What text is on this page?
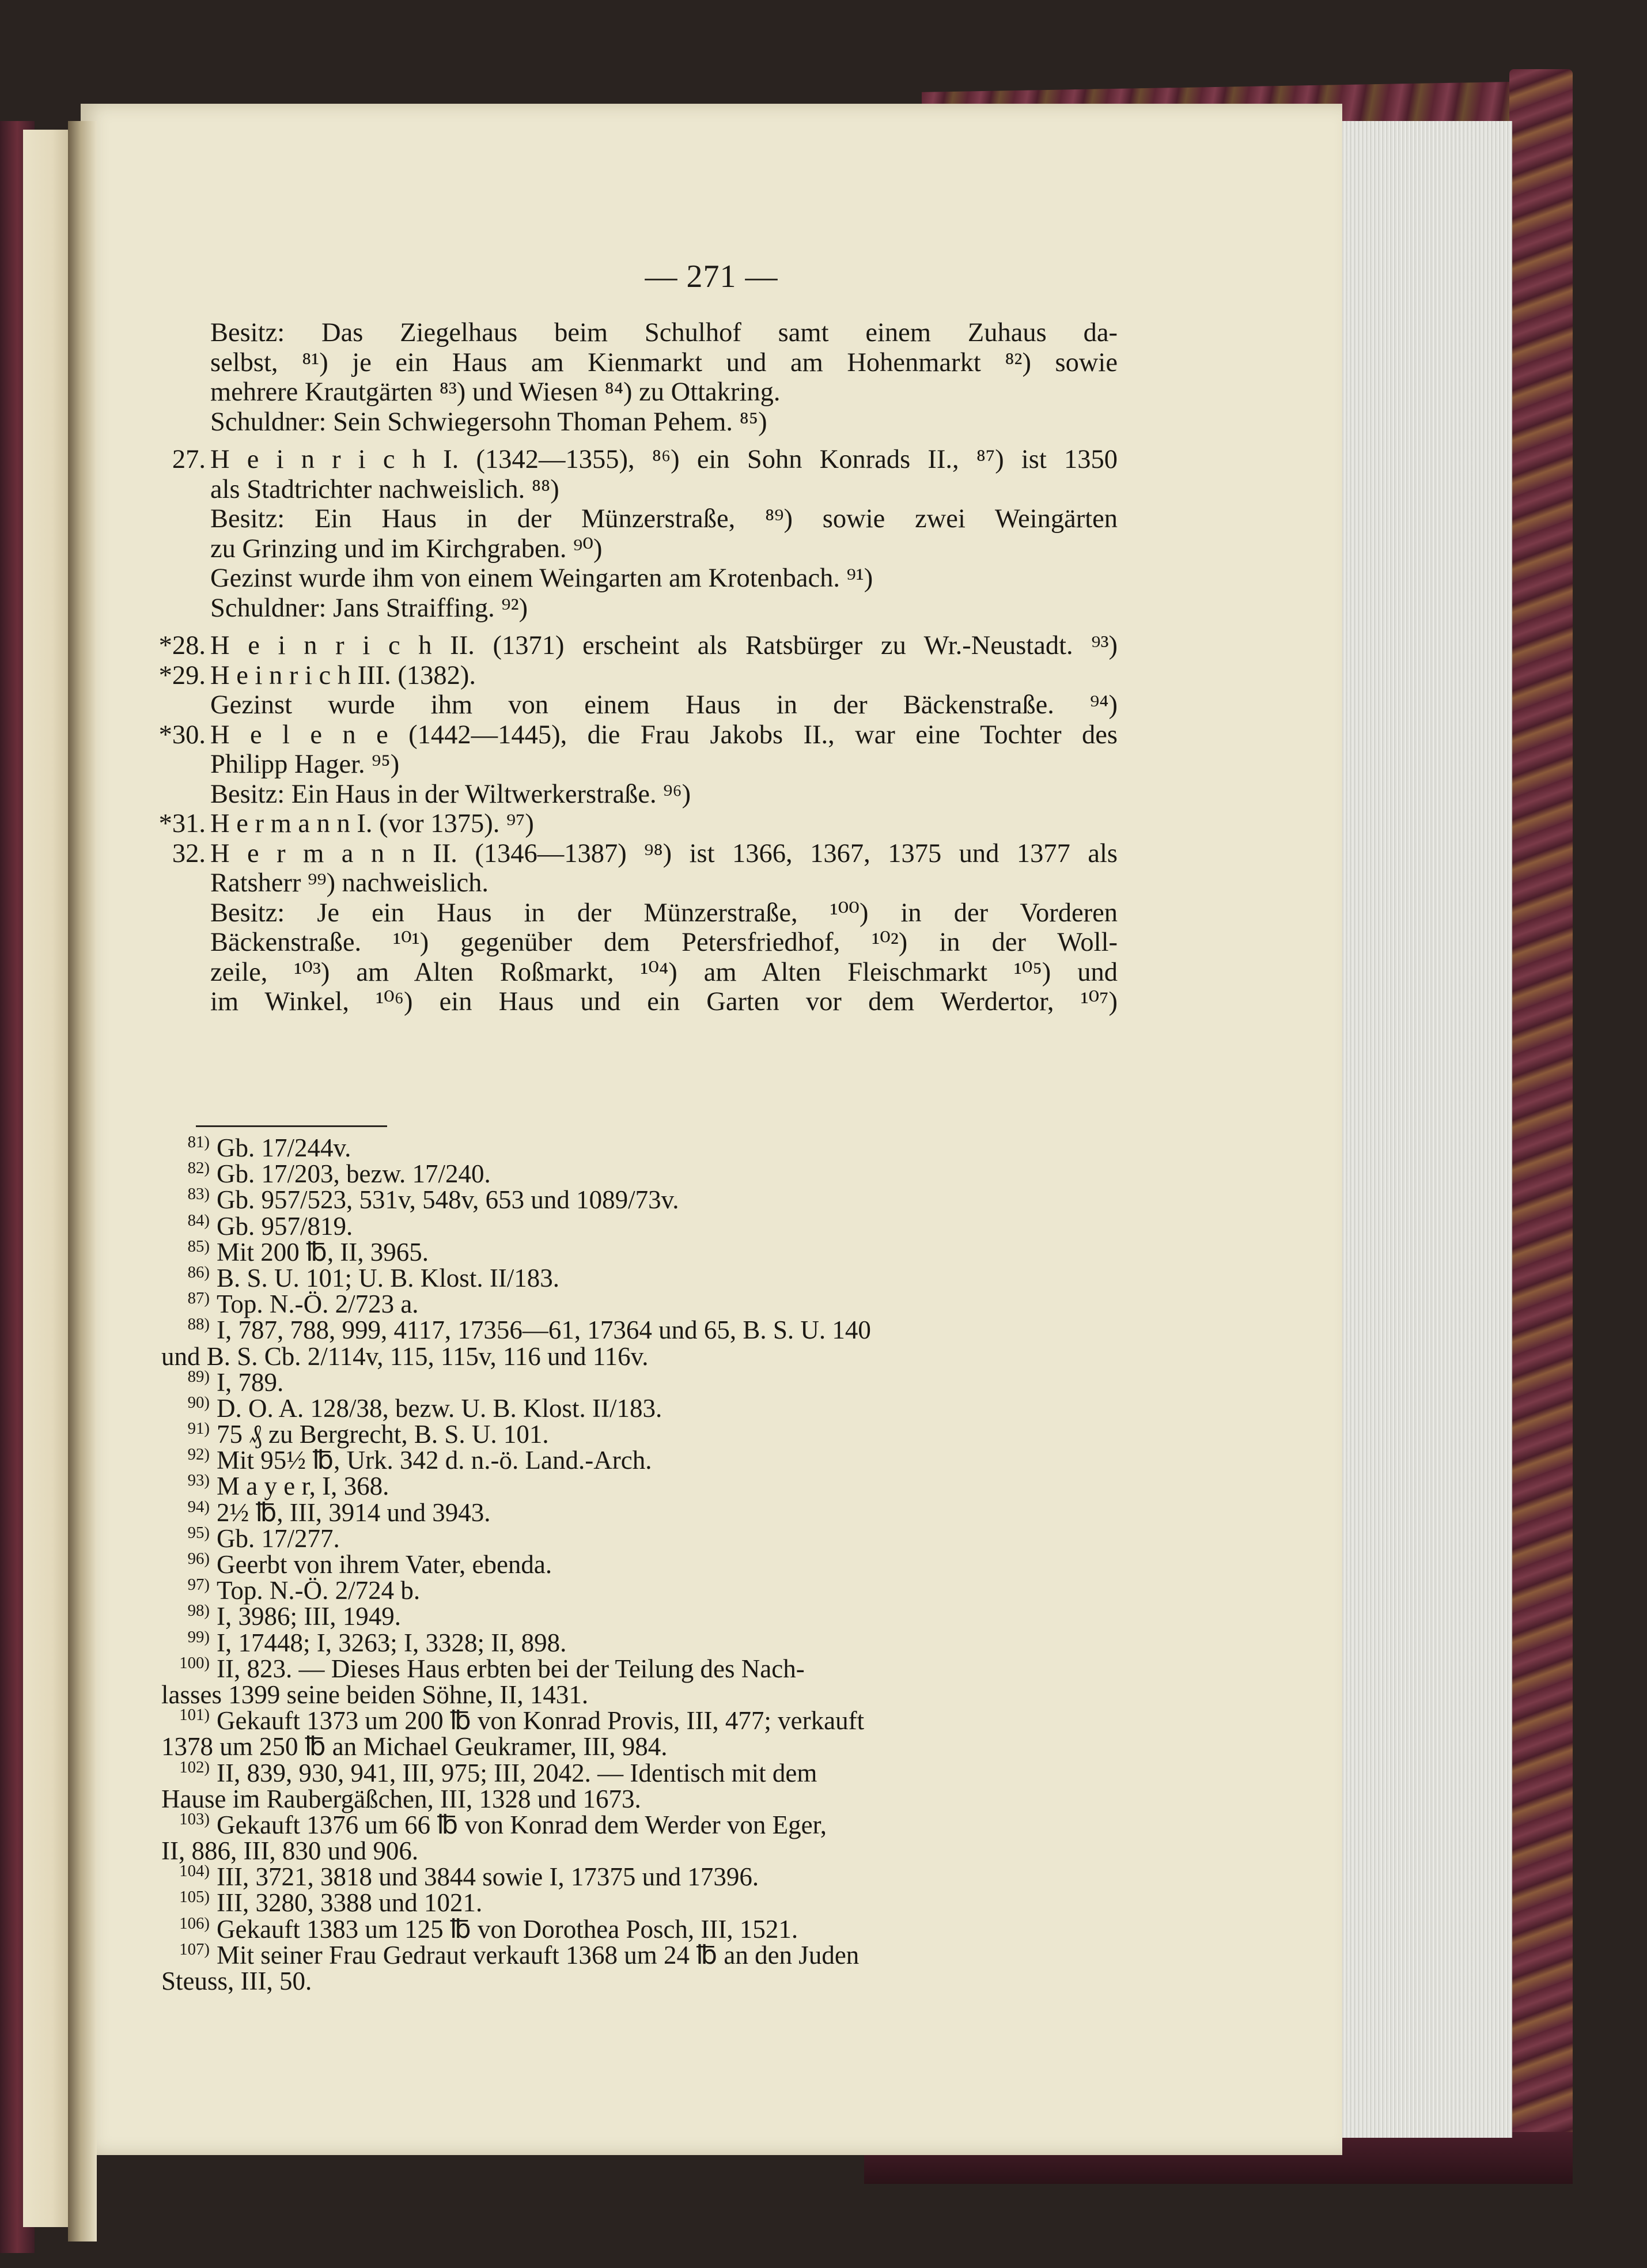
— 271 —
Besitz: Das Ziegelhaus beim Schulhof samt einem Zuhaus da-
selbst, ⁸¹) je ein Haus am Kienmarkt und am Hohenmarkt ⁸²) sowie
mehrere Krautgärten ⁸³) und Wiesen ⁸⁴) zu Ottakring.
Schuldner: Sein Schwiegersohn Thoman Pehem. ⁸⁵)
27. H e i n r i c h I. (1342—1355), ⁸⁶) ein Sohn Konrads II., ⁸⁷) ist 1350
als Stadtrichter nachweislich. ⁸⁸)
Besitz: Ein Haus in der Münzerstraße, ⁸⁹) sowie zwei Weingärten
zu Grinzing und im Kirchgraben. ⁹⁰)
Gezinst wurde ihm von einem Weingarten am Krotenbach. ⁹¹)
Schuldner: Jans Straiffing. ⁹²)
*28. H e i n r i c h II. (1371) erscheint als Ratsbürger zu Wr.-Neustadt. ⁹³)
*29. H e i n r i c h III. (1382).
Gezinst wurde ihm von einem Haus in der Bäckenstraße. ⁹⁴)
*30. H e l e n e (1442—1445), die Frau Jakobs II., war eine Tochter des
Philipp Hager. ⁹⁵)
Besitz: Ein Haus in der Wiltwerkerstraße. ⁹⁶)
*31. H e r m a n n I. (vor 1375). ⁹⁷)
32. H e r m a n n II. (1346—1387) ⁹⁸) ist 1366, 1367, 1375 und 1377 als
Ratsherr ⁹⁹) nachweislich.
Besitz: Je ein Haus in der Münzerstraße, ¹⁰⁰) in der Vorderen
Bäckenstraße. ¹⁰¹) gegenüber dem Petersfriedhof, ¹⁰²) in der Woll-
zeile, ¹⁰³) am Alten Roßmarkt, ¹⁰⁴) am Alten Fleischmarkt ¹⁰⁵) und
im Winkel, ¹⁰⁶) ein Haus und ein Garten vor dem Werdertor, ¹⁰⁷)
$^{81)}$ Gb. 17/244v.
$^{82)}$ Gb. 17/203, bezw. 17/240.
$^{83)}$ Gb. 957/523, 531v, 548v, 653 und 1089/73v.
$^{84)}$ Gb. 957/819.
$^{85)}$ Mit 200 ℔, II, 3965.
$^{86)}$ B. S. U. 101; U. B. Klost. II/183.
$^{87)}$ Top. N.-Ö. 2/723 a.
$^{88)}$ I, 787, 788, 999, 4117, 17356—61, 17364 und 65, B. S. U. 140
und B. S. Cb. 2/114v, 115, 115v, 116 und 116v.
$^{89)}$ I, 789.
$^{90)}$ D. O. A. 128/38, bezw. U. B. Klost. II/183.
$^{91)}$ 75 ₰ zu Bergrecht, B. S. U. 101.
$^{92)}$ Mit 95½ ℔, Urk. 342 d. n.-ö. Land.-Arch.
$^{93)}$ M a y e r, I, 368.
$^{94)}$ 2½ ℔, III, 3914 und 3943.
$^{95)}$ Gb. 17/277.
$^{96)}$ Geerbt von ihrem Vater, ebenda.
$^{97)}$ Top. N.-Ö. 2/724 b.
$^{98)}$ I, 3986; III, 1949.
$^{99)}$ I, 17448; I, 3263; I, 3328; II, 898.
$^{100)}$ II, 823. — Dieses Haus erbten bei der Teilung des Nach-
lasses 1399 seine beiden Söhne, II, 1431.
$^{101)}$ Gekauft 1373 um 200 ℔ von Konrad Provis, III, 477; verkauft
1378 um 250 ℔ an Michael Geukramer, III, 984.
$^{102)}$ II, 839, 930, 941, III, 975; III, 2042. — Identisch mit dem
Hause im Raubergäßchen, III, 1328 und 1673.
$^{103)}$ Gekauft 1376 um 66 ℔ von Konrad dem Werder von Eger,
II, 886, III, 830 und 906.
$^{104)}$ III, 3721, 3818 und 3844 sowie I, 17375 und 17396.
$^{105)}$ III, 3280, 3388 und 1021.
$^{106)}$ Gekauft 1383 um 125 ℔ von Dorothea Posch, III, 1521.
$^{107)}$ Mit seiner Frau Gedraut verkauft 1368 um 24 ℔ an den Juden
Steuss, III, 50.
